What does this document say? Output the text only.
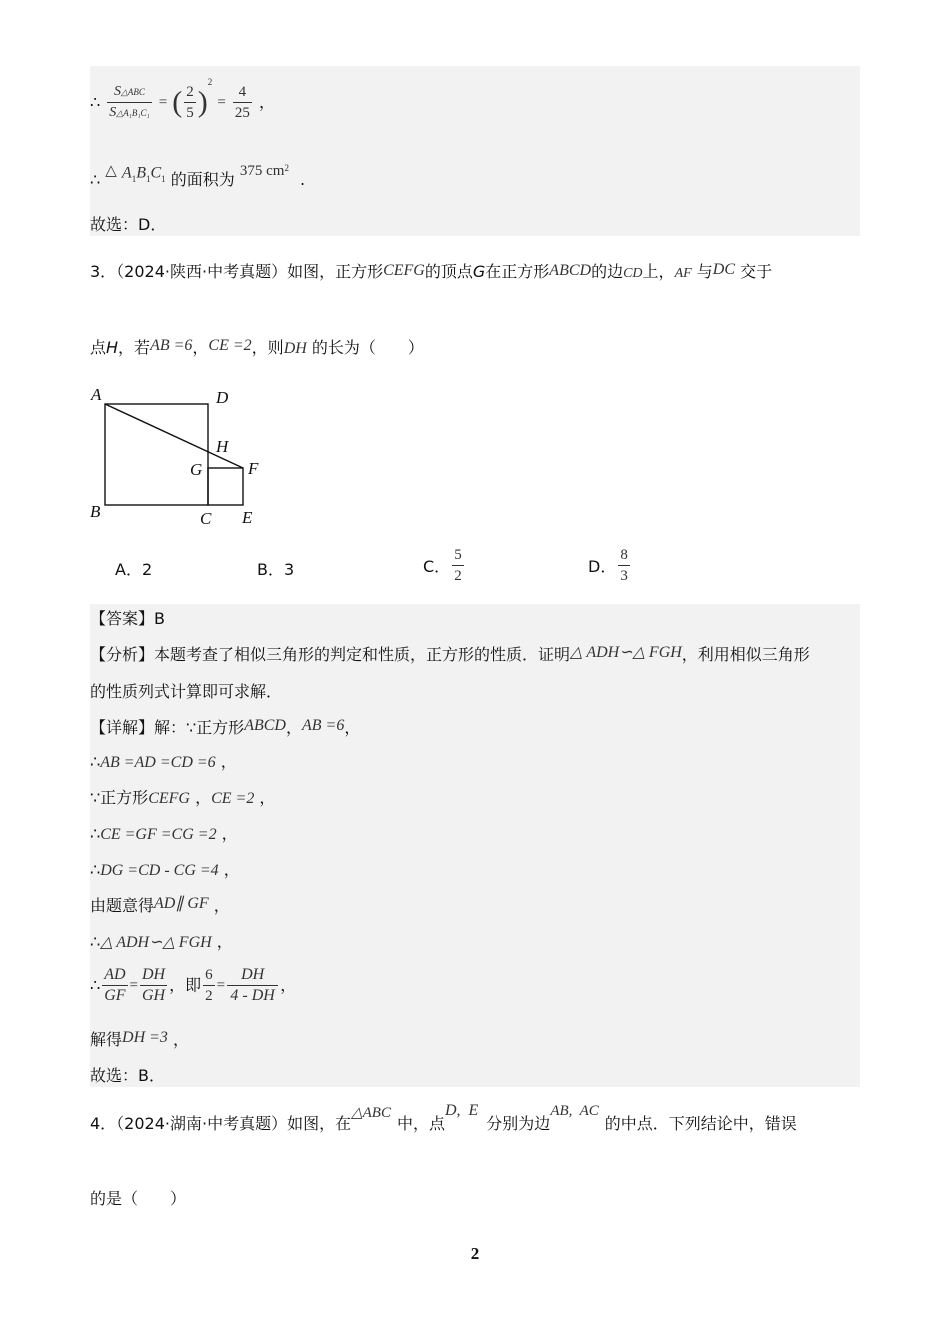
∴ $\frac{\text{S△ABC}}{\text{S△A₁B₁C₁}}$ = ( $\frac{2}{5} )^2 = \frac{4}{25}$ ，
∴ △ $A_1B_1C_1$ 的面积为 375 $cm^2$ .
故选：D．
3．（2024·陕西·中考真题）如图，正方形CEFG的顶点G在正方形ABCD的边CD上，AF 与DC 交于
点H，若AB =6，CE =2，则DH 的长为（　　）
A	D
H
G	F
B	C E
A．2	B．3	C． $\frac{5}{2}$	D． $\frac{8}{3}$
【答案】B
【分析】本题考查了相似三角形的判定和性质，正方形的性质．证明△ ADH∽△ FGH，利用相似三角形
的性质列式计算即可求解．
【详解】解：∵正方形ABCD，AB =6，
∴AB =AD =CD =6 ，
∵正方形CEFG ，CE =2 ，
∴CE =GF =CG =2 ，
∴DG =CD - CG =4 ，
由题意得AD∥ GF ，
∴△ ADH∽△ FGH ，
∴ $\frac{AD}{GF} = \frac{DH}{GH}$ ，即 $\frac{6}{2} = \frac{DH}{4 - DH}$ ，
解得DH =3 ，
故选：B．
4．（2024·湖南·中考真题）如图，在△ABC中，点D,  E分别为边AB,  AC的中点．下列结论中，错误
的是（　　）
2
